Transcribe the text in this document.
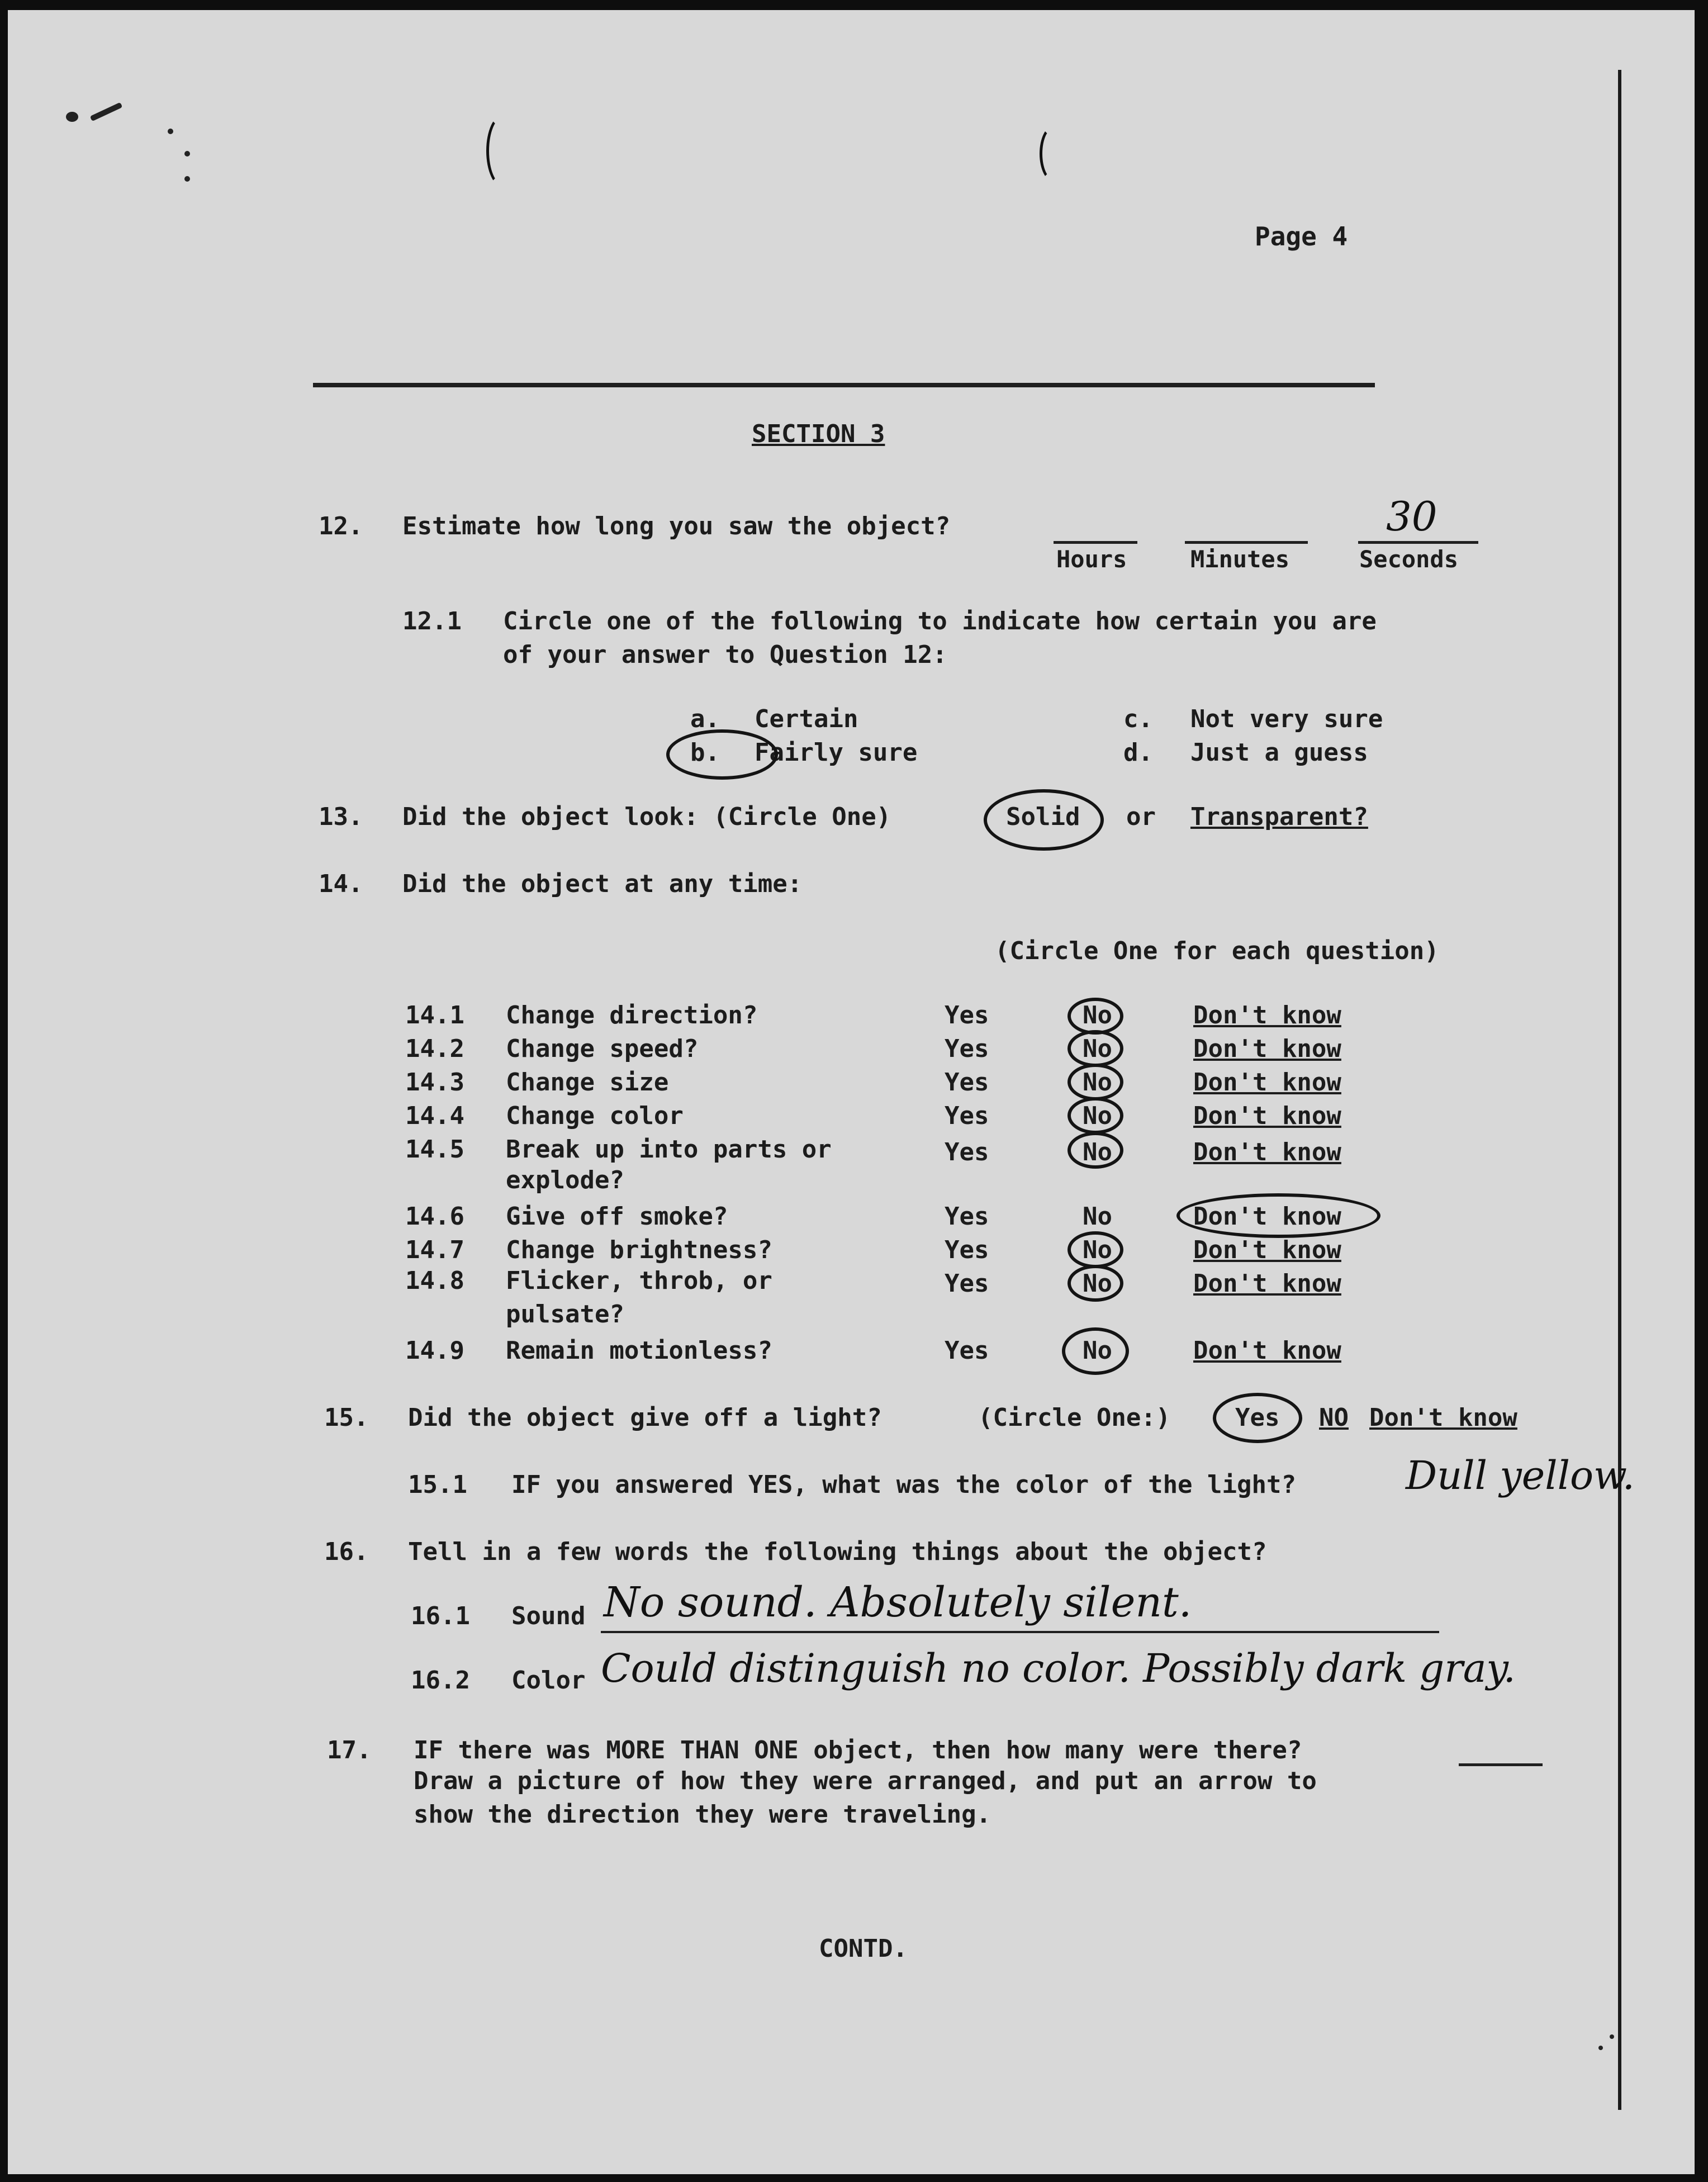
Page 4
SECTION 3
12. Estimate how long you saw the object?	30
Hours	Minutes	Seconds
12.1 Circle one of the following to indicate how certain you are
of your answer to Question 12:
a. Certain
b. Fairly sure
c. Not very sure
d. Just a guess
13. Did the object look: (Circle One)	Solid or Transparent?
14. Did the object at any time:
(Circle One for each question)
14.1 Change direction?	Yes	No	Don't know
14.2 Change speed?	Yes	No	Don't know
14.3 Change size	Yes	No	Don't know
14.4 Change color	Yes	No	Don't know
14.5 Break up into parts or
explode?
Yes	No	Don't know
14.6 Give off smoke?	Yes	No	Don't know
14.7 Change brightness?	Yes	No	Don't know
14.8 Flicker, throb, or
pulsate?
Yes	No	Don't know
14.9 Remain motionless?	Yes	No	Don't know
15. Did the object give off a light?	(Circle One:)	Yes NO Don't know
15.1 IF you answered YES, what was the color of the light?	Dull yellow.
16. Tell in a few words the following things about the object?
16.1 Sound No sound. Absolutely silent.
16.2 Color Could distinguish no color. Possibly dark gray.
17. IF there was MORE THAN ONE object, then how many were there?
Draw a picture of how they were arranged, and put an arrow to
show the direction they were traveling.
CONTD.
